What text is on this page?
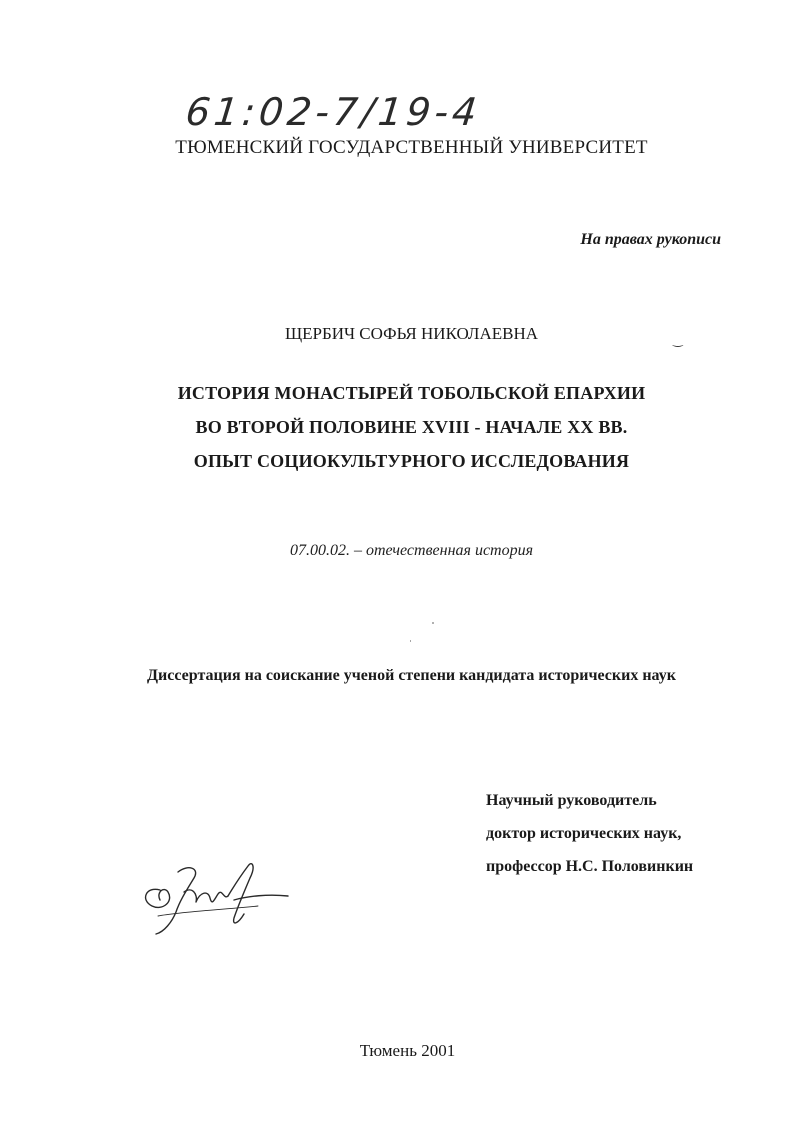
61:02-7/19-4

ТЮМЕНСКИЙ ГОСУДАРСТВЕННЫЙ УНИВЕРСИТЕТ

На правах рукописи

ЩЕРБИЧ СОФЬЯ НИКОЛАЕВНА	‿

ИСТОРИЯ МОНАСТЫРЕЙ ТОБОЛЬСКОЙ ЕПАРХИИ

ВО ВТОРОЙ ПОЛОВИНЕ XVIII - НАЧАЛЕ XX ВВ.

ОПЫТ СОЦИОКУЛЬТУРНОГО ИССЛЕДОВАНИЯ

07.00.02. – отечественная история

Диссертация на соискание ученой степени кандидата исторических наук

Научный руководитель

доктор исторических наук,

профессор Н.С. Половинкин

Тюмень 2001
